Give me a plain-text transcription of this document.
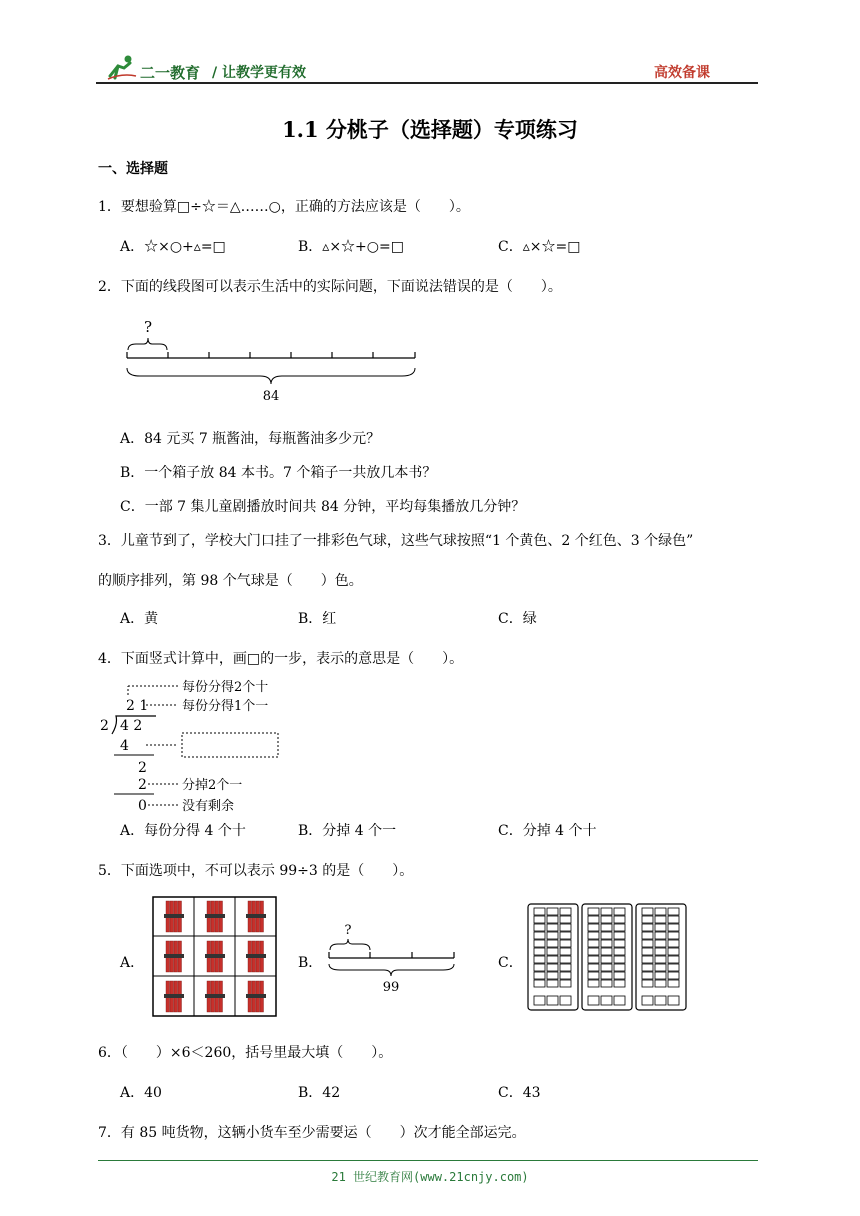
二一教育 / 让教学更有效	高效备课
1.1 分桃子（选择题）专项练习
一、选择题
1．要想验算□÷☆＝△……○，正确的方法应该是（　　）。
A．☆×○+▵=□	B．▵×☆+○=□	C．▵×☆=□
2．下面的线段图可以表示生活中的实际问题，下面说法错误的是（　　）。
?
84
A．84 元买 7 瓶酱油，每瓶酱油多少元？
B．一个箱子放 84 本书。7 个箱子一共放几本书？
C．一部 7 集儿童剧播放时间共 84 分钟，平均每集播放几分钟？
3．儿童节到了，学校大门口挂了一排彩色气球，这些气球按照“1 个黄色、2 个红色、3 个绿色”
的顺序排列，第 98 个气球是（　　）色。
A．黄	B．红	C．绿
4．下面竖式计算中，画□的一步，表示的意思是（　　）。
2 1
2 4 2
4
2
2
0
每份分得2个十
每份分得1个一
分掉2个一
没有剩余
A．每份分得 4 个十	B．分掉 4 个一	C．分掉 4 个十
5．下面选项中，不可以表示 99÷3 的是（　　）。
A．	B．	C．
?
99
6．（　　）×6＜260，括号里最大填（　　）。
A．40	B．42	C．43
7．有 85 吨货物，这辆小货车至少需要运（　　）次才能全部运完。
21 世纪教育网(www.21cnjy.com)
